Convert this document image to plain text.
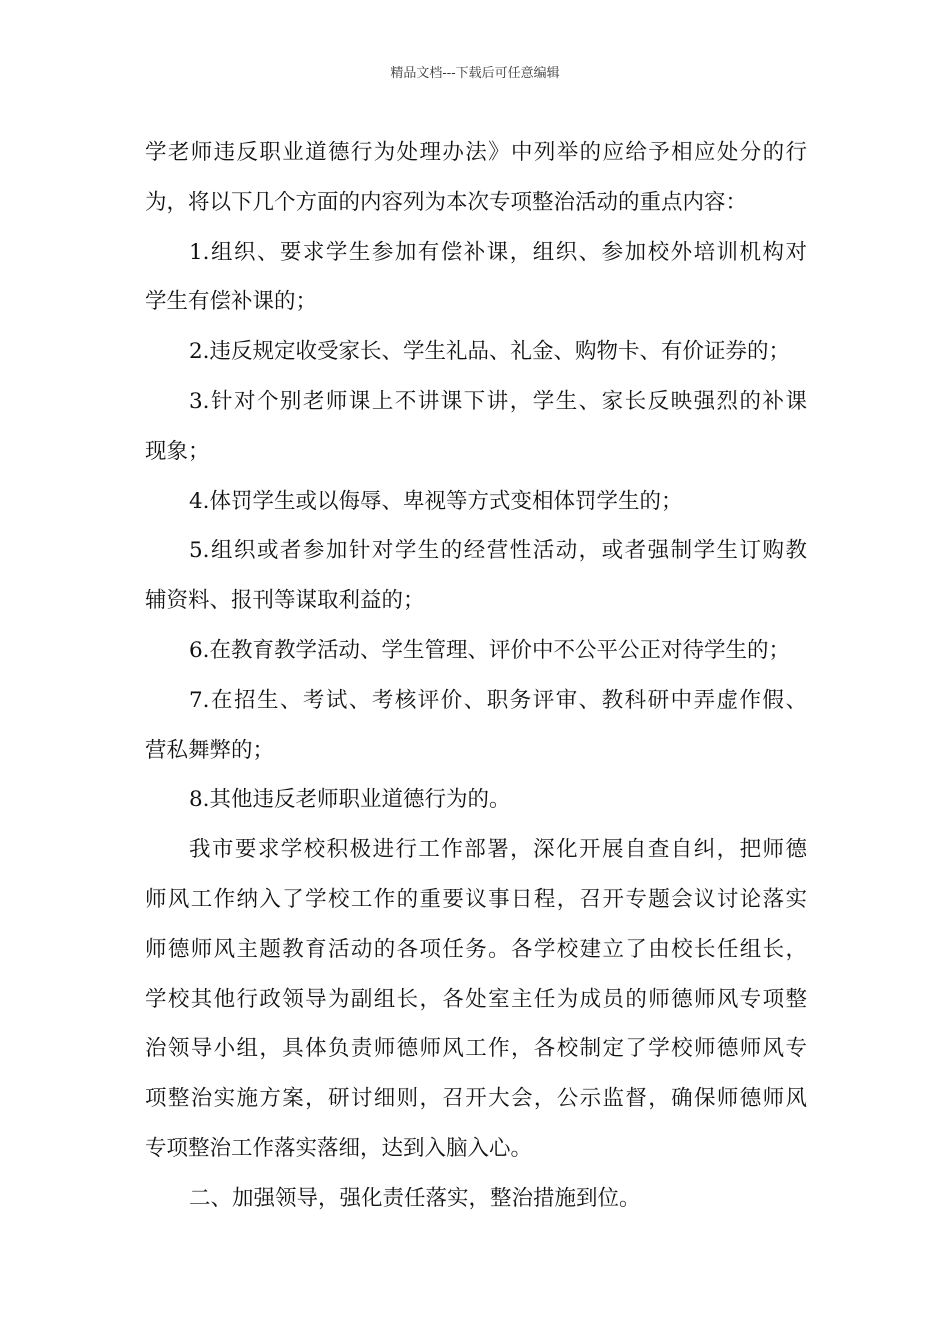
精品文档---下载后可任意编辑
学老师违反职业道德行为处理办法》中列举的应给予相应处分的行
为，将以下几个方面的内容列为本次专项整治活动的重点内容：
1.组织、要求学生参加有偿补课，组织、参加校外培训机构对
学生有偿补课的；
2.违反规定收受家长、学生礼品、礼金、购物卡、有价证券的；
3.针对个别老师课上不讲课下讲，学生、家长反映强烈的补课
现象；
4.体罚学生或以侮辱、卑视等方式变相体罚学生的；
5.组织或者参加针对学生的经营性活动，或者强制学生订购教
辅资料、报刊等谋取利益的；
6.在教育教学活动、学生管理、评价中不公平公正对待学生的；
7.在招生、考试、考核评价、职务评审、教科研中弄虚作假、
营私舞弊的；
8.其他违反老师职业道德行为的。
我市要求学校积极进行工作部署，深化开展自查自纠，把师德
师风工作纳入了学校工作的重要议事日程，召开专题会议讨论落实
师德师风主题教育活动的各项任务。各学校建立了由校长任组长，
学校其他行政领导为副组长，各处室主任为成员的师德师风专项整
治领导小组，具体负责师德师风工作，各校制定了学校师德师风专
项整治实施方案，研讨细则，召开大会，公示监督，确保师德师风
专项整治工作落实落细，达到入脑入心。
二、加强领导，强化责任落实，整治措施到位。
